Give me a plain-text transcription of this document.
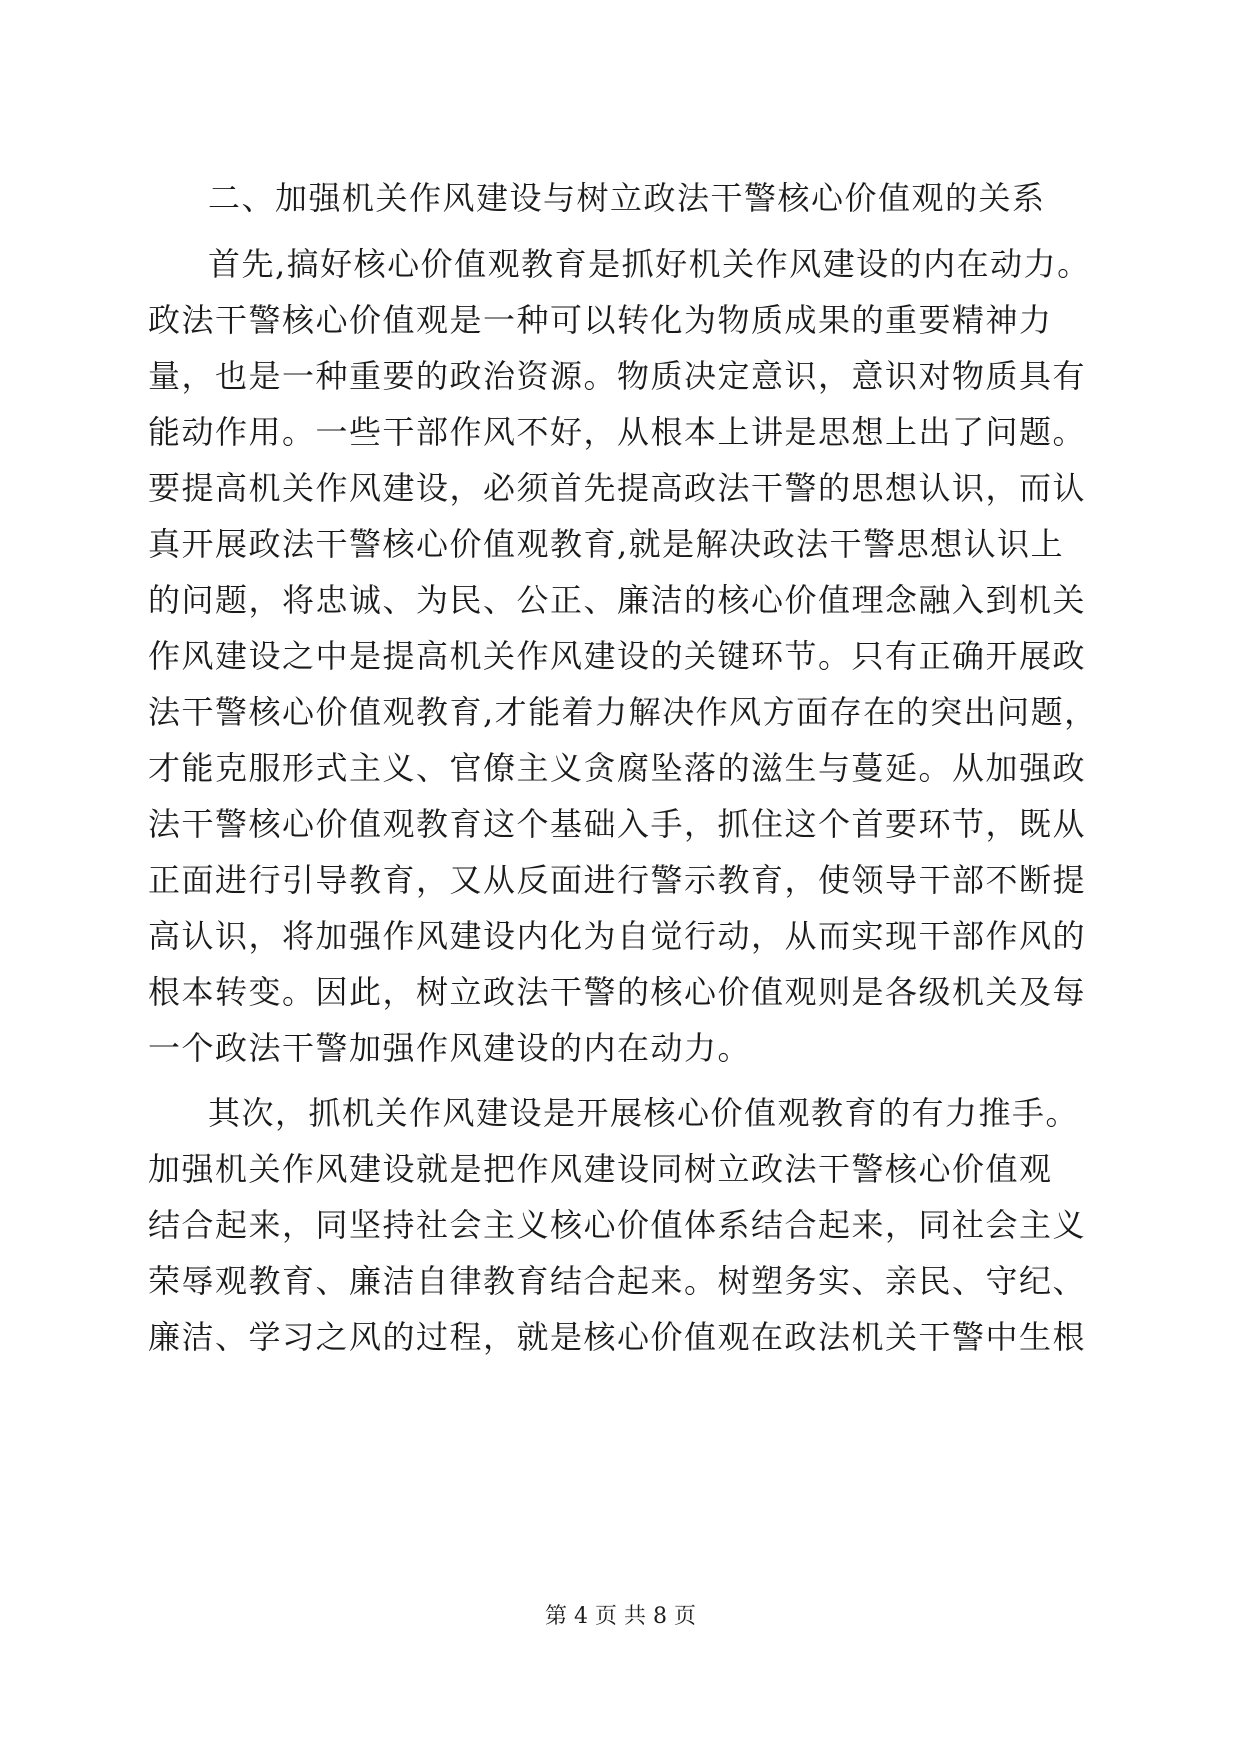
二、加强机关作风建设与树立政法干警核心价值观的关系
首先,搞好核心价值观教育是抓好机关作风建设的内在动力。
政法干警核心价值观是一种可以转化为物质成果的重要精神力
量，也是一种重要的政治资源。物质决定意识，意识对物质具有
能动作用。一些干部作风不好，从根本上讲是思想上出了问题。
要提高机关作风建设，必须首先提高政法干警的思想认识，而认
真开展政法干警核心价值观教育,就是解决政法干警思想认识上
的问题，将忠诚、为民、公正、廉洁的核心价值理念融入到机关
作风建设之中是提高机关作风建设的关键环节。只有正确开展政
法干警核心价值观教育,才能着力解决作风方面存在的突出问题，
才能克服形式主义、官僚主义贪腐坠落的滋生与蔓延。从加强政
法干警核心价值观教育这个基础入手，抓住这个首要环节，既从
正面进行引导教育，又从反面进行警示教育，使领导干部不断提
高认识，将加强作风建设内化为自觉行动，从而实现干部作风的
根本转变。因此，树立政法干警的核心价值观则是各级机关及每
一个政法干警加强作风建设的内在动力。
其次，抓机关作风建设是开展核心价值观教育的有力推手。
加强机关作风建设就是把作风建设同树立政法干警核心价值观
结合起来，同坚持社会主义核心价值体系结合起来，同社会主义
荣辱观教育、廉洁自律教育结合起来。树塑务实、亲民、守纪、
廉洁、学习之风的过程，就是核心价值观在政法机关干警中生根
第 4 页 共 8 页
